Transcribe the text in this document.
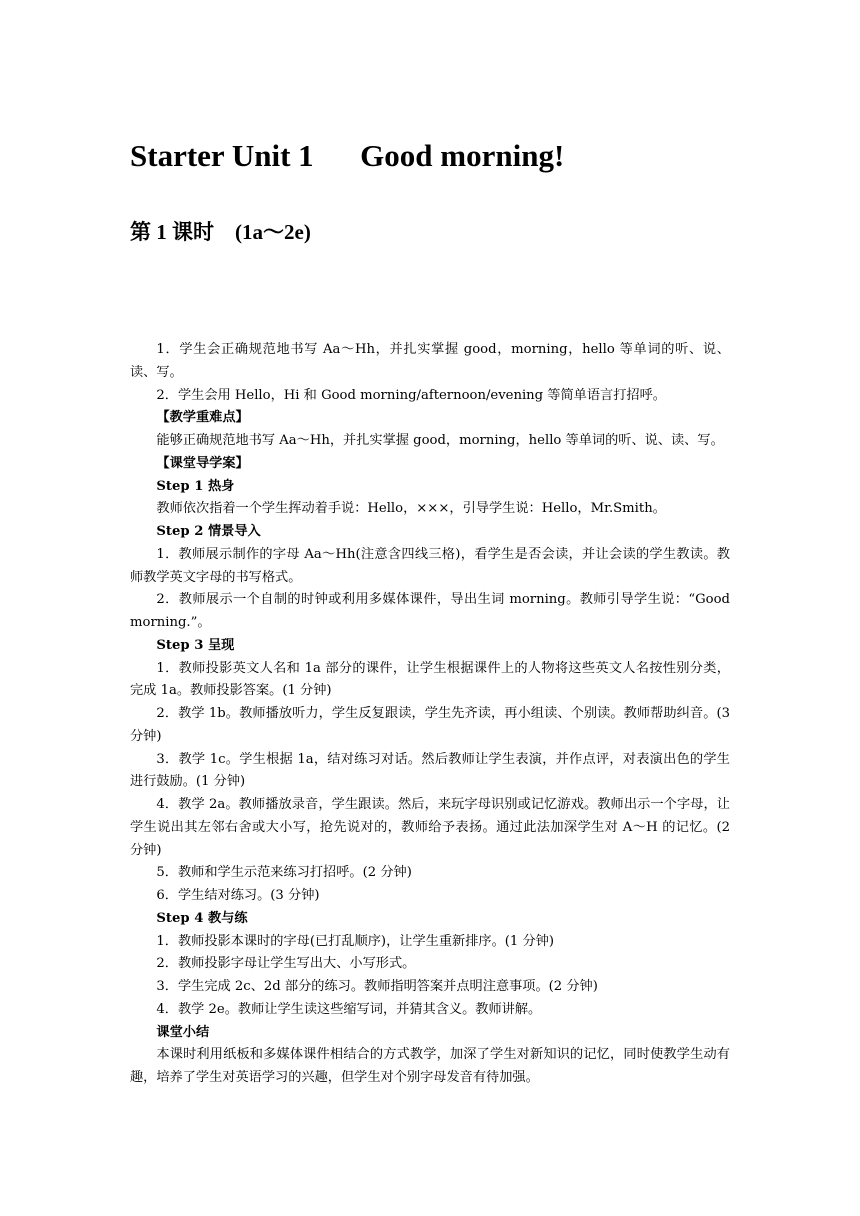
Starter Unit 1      Good morning!
第 1 课时    (1a～2e)

1．学生会正确规范地书写 Aa～Hh，并扎实掌握 good，morning，hello 等单词的听、说、读、写。

2．学生会用 Hello，Hi 和 Good morning/afternoon/evening 等简单语言打招呼。

【教学重难点】

能够正确规范地书写 Aa～Hh，并扎实掌握 good，morning，hello 等单词的听、说、读、写。

【课堂导学案】

Step 1 热身

教师依次指着一个学生挥动着手说：Hello，×××，引导学生说：Hello，Mr.Smith。

Step 2 情景导入

1．教师展示制作的字母 Aa～Hh(注意含四线三格)，看学生是否会读，并让会读的学生教读。教师教学英文字母的书写格式。

2．教师展示一个自制的时钟或利用多媒体课件，导出生词 morning。教师引导学生说：“Good morning.”。

Step 3 呈现

1．教师投影英文人名和 1a 部分的课件，让学生根据课件上的人物将这些英文人名按性别分类，完成 1a。教师投影答案。(1 分钟)

2．教学 1b。教师播放听力，学生反复跟读，学生先齐读，再小组读、个别读。教师帮助纠音。(3 分钟)

3．教学 1c。学生根据 1a，结对练习对话。然后教师让学生表演，并作点评，对表演出色的学生进行鼓励。(1 分钟)

4．教学 2a。教师播放录音，学生跟读。然后，来玩字母识别或记忆游戏。教师出示一个字母，让学生说出其左邻右舍或大小写，抢先说对的，教师给予表扬。通过此法加深学生对 A～H 的记忆。(2 分钟)

5．教师和学生示范来练习打招呼。(2 分钟)

6．学生结对练习。(3 分钟)

Step 4 教与练

1．教师投影本课时的字母(已打乱顺序)，让学生重新排序。(1 分钟)

2．教师投影字母让学生写出大、小写形式。

3．学生完成 2c、2d 部分的练习。教师指明答案并点明注意事项。(2 分钟)

4．教学 2e。教师让学生读这些缩写词，并猜其含义。教师讲解。

课堂小结

本课时利用纸板和多媒体课件相结合的方式教学，加深了学生对新知识的记忆，同时使教学生动有趣，培养了学生对英语学习的兴趣，但学生对个别字母发音有待加强。
